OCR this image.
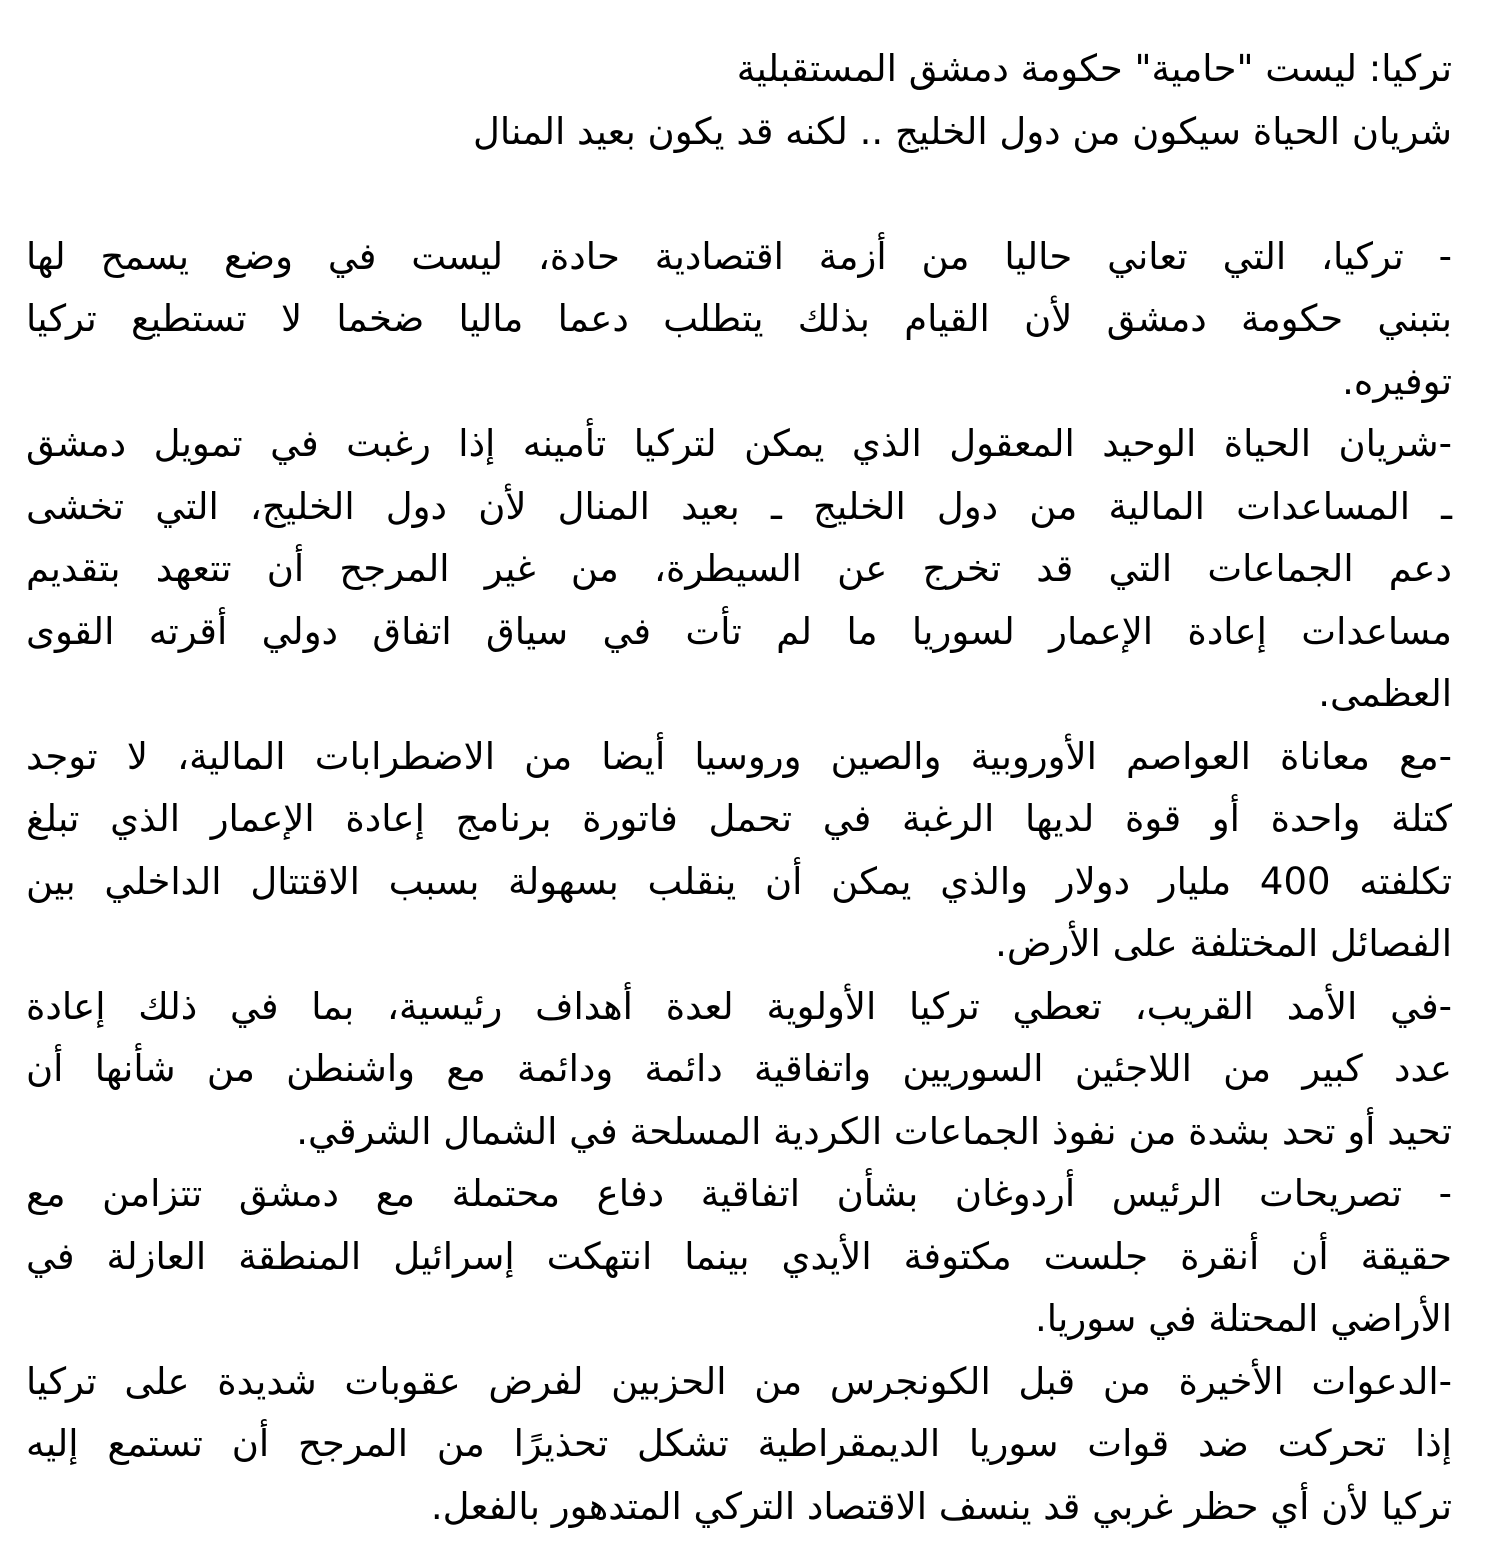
تركيا: ليست "حامية" حكومة دمشق المستقبلية
شريان الحياة سيكون من دول الخليج .. لكنه قد يكون بعيد المنال
- تركيا، التي تعاني حاليا من أزمة اقتصادية حادة، ليست في وضع يسمح لها
بتبني حكومة دمشق لأن القيام بذلك يتطلب دعما ماليا ضخما لا تستطيع تركيا
توفيره.
-شريان الحياة الوحيد المعقول الذي يمكن لتركيا تأمينه إذا رغبت في تمويل دمشق
ـ المساعدات المالية من دول الخليج ـ بعيد المنال لأن دول الخليج، التي تخشى
دعم الجماعات التي قد تخرج عن السيطرة، من غير المرجح أن تتعهد بتقديم
مساعدات إعادة الإعمار لسوريا ما لم تأت في سياق اتفاق دولي أقرته القوى
العظمى.
-مع معاناة العواصم الأوروبية والصين وروسيا أيضا من الاضطرابات المالية، لا توجد
كتلة واحدة أو قوة لديها الرغبة في تحمل فاتورة برنامج إعادة الإعمار الذي تبلغ
تكلفته 400 مليار دولار والذي يمكن أن ينقلب بسهولة بسبب الاقتتال الداخلي بين
الفصائل المختلفة على الأرض.
-في الأمد القريب، تعطي تركيا الأولوية لعدة أهداف رئيسية، بما في ذلك إعادة
عدد كبير من اللاجئين السوريين واتفاقية دائمة ودائمة مع واشنطن من شأنها أن
تحيد أو تحد بشدة من نفوذ الجماعات الكردية المسلحة في الشمال الشرقي.
- تصريحات الرئيس أردوغان بشأن اتفاقية دفاع محتملة مع دمشق تتزامن مع
حقيقة أن أنقرة جلست مكتوفة الأيدي بينما انتهكت إسرائيل المنطقة العازلة في
الأراضي المحتلة في سوريا.
-الدعوات الأخيرة من قبل الكونجرس من الحزبين لفرض عقوبات شديدة على تركيا
إذا تحركت ضد قوات سوريا الديمقراطية تشكل تحذيرًا من المرجح أن تستمع إليه
تركيا لأن أي حظر غربي قد ينسف الاقتصاد التركي المتدهور بالفعل.
